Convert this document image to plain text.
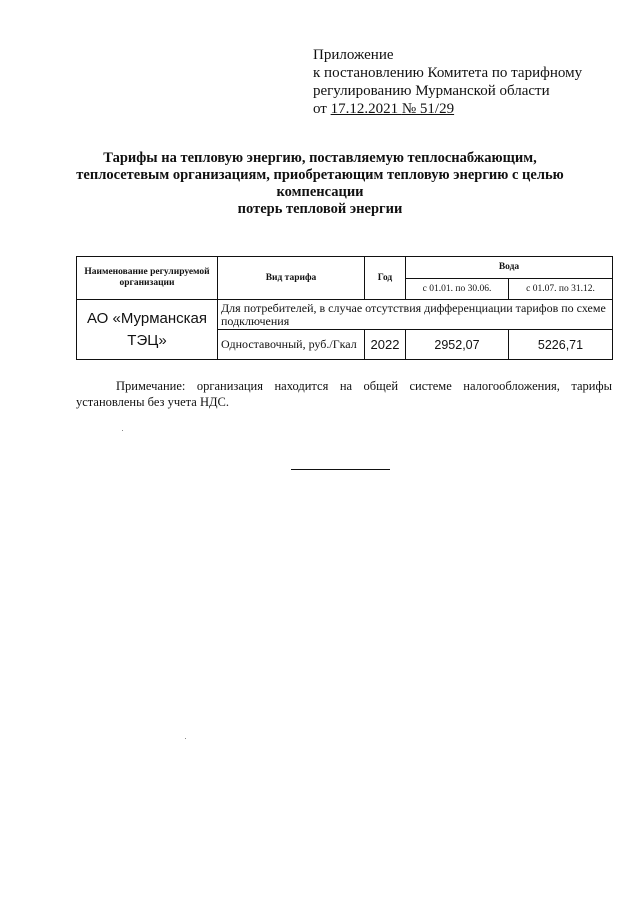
Приложение
к постановлению Комитета по тарифному
регулированию Мурманской области
от 17.12.2021 № 51/29
Тарифы на тепловую энергию, поставляемую теплоснабжающим,
теплосетевым организациям, приобретающим тепловую энергию с целью
компенсации
потерь тепловой энергии
Наименование регулируемой организации	Вид тарифа	Год	Вода	
			с 01.01. по 30.06.	с 01.07. по 31.12.
АО «Мурманская ТЭЦ»	Для потребителей, в случае отсутствия дифференциации тарифов по схеме подключения			
	Одноставочный, руб./Гкал	2022	2952,07	5226,71
Примечание: организация находится на общей системе налогообложения, тарифы
установлены без учета НДС.
